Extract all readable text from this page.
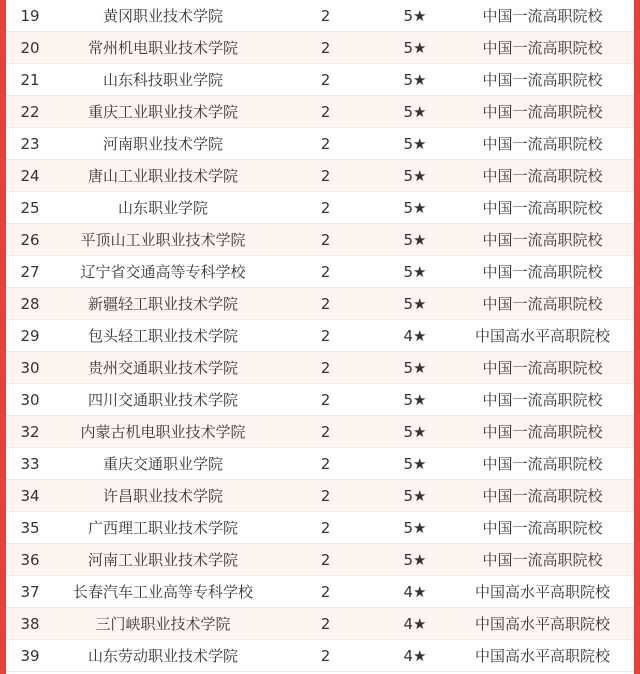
19	黄冈职业技术学院	2	5★	中国一流高职院校
20	常州机电职业技术学院	2	5★	中国一流高职院校
21	山东科技职业学院	2	5★	中国一流高职院校
22	重庆工业职业技术学院	2	5★	中国一流高职院校
23	河南职业技术学院	2	5★	中国一流高职院校
24	唐山工业职业技术学院	2	5★	中国一流高职院校
25	山东职业学院	2	5★	中国一流高职院校
26	平顶山工业职业技术学院	2	5★	中国一流高职院校
27	辽宁省交通高等专科学校	2	5★	中国一流高职院校
28	新疆轻工职业技术学院	2	5★	中国一流高职院校
29	包头轻工职业技术学院	2	4★	中国高水平高职院校
30	贵州交通职业技术学院	2	5★	中国一流高职院校
30	四川交通职业技术学院	2	5★	中国一流高职院校
32	内蒙古机电职业技术学院	2	5★	中国一流高职院校
33	重庆交通职业学院	2	5★	中国一流高职院校
34	许昌职业技术学院	2	5★	中国一流高职院校
35	广西理工职业技术学院	2	5★	中国一流高职院校
36	河南工业职业技术学院	2	5★	中国一流高职院校
37	长春汽车工业高等专科学校	2	4★	中国高水平高职院校
38	三门峡职业技术学院	2	4★	中国高水平高职院校
39	山东劳动职业技术学院	2	4★	中国高水平高职院校
